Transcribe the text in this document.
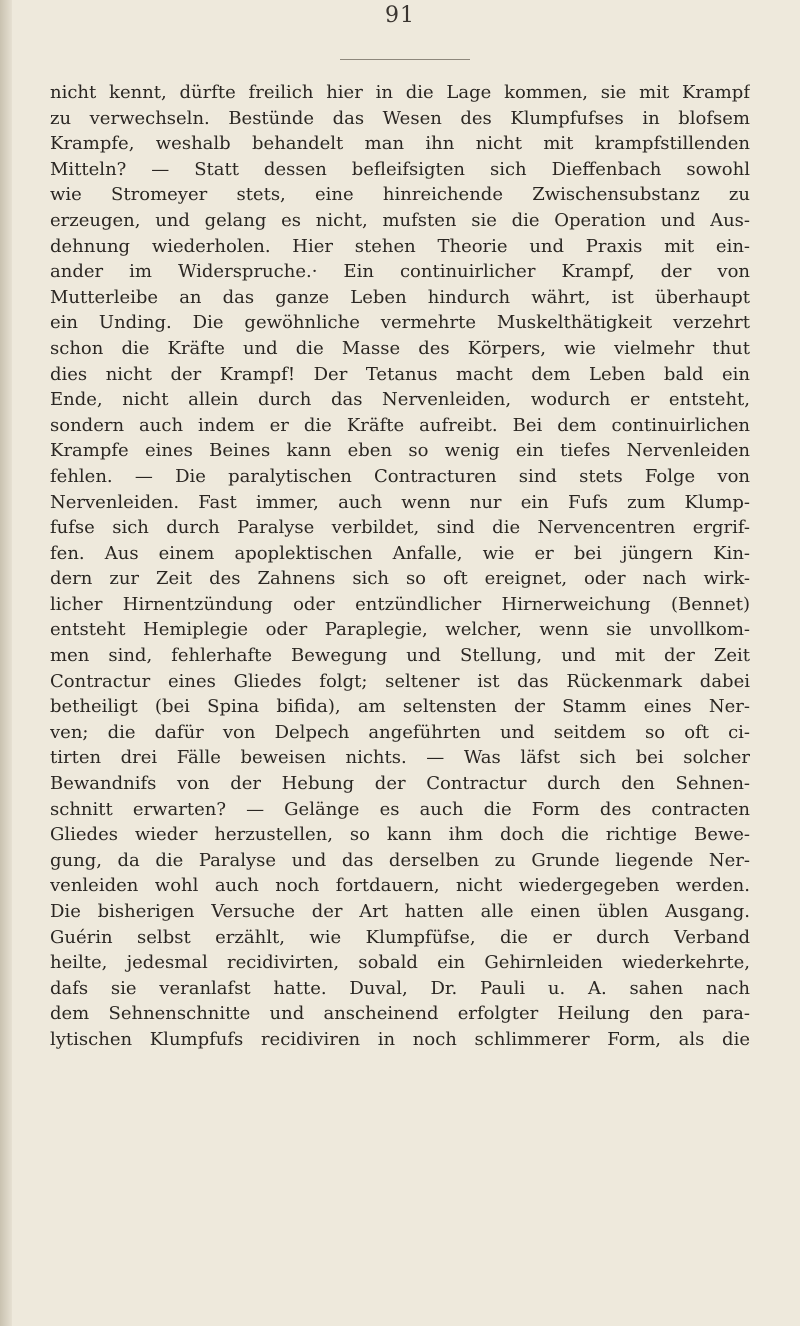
91
nicht kennt, dürfte freilich hier in die Lage kommen, sie mit Krampf
zu verwechseln. Bestünde das Wesen des Klumpfufses in blofsem
Krampfe, weshalb behandelt man ihn nicht mit krampfstillenden
Mitteln? — Statt dessen befleifsigten sich Dieffenbach sowohl
wie Stromeyer stets, eine hinreichende Zwischensubstanz zu
erzeugen, und gelang es nicht, mufsten sie die Operation und Aus-
dehnung wiederholen. Hier stehen Theorie und Praxis mit ein-
ander im Widerspruche.· Ein continuirlicher Krampf, der von
Mutterleibe an das ganze Leben hindurch währt, ist überhaupt
ein Unding. Die gewöhnliche vermehrte Muskelthätigkeit verzehrt
schon die Kräfte und die Masse des Körpers, wie vielmehr thut
dies nicht der Krampf! Der Tetanus macht dem Leben bald ein
Ende, nicht allein durch das Nervenleiden, wodurch er entsteht,
sondern auch indem er die Kräfte aufreibt. Bei dem continuirlichen
Krampfe eines Beines kann eben so wenig ein tiefes Nervenleiden
fehlen. — Die paralytischen Contracturen sind stets Folge von
Nervenleiden. Fast immer, auch wenn nur ein Fufs zum Klump-
fufse sich durch Paralyse verbildet, sind die Nervencentren ergrif-
fen. Aus einem apoplektischen Anfalle, wie er bei jüngern Kin-
dern zur Zeit des Zahnens sich so oft ereignet, oder nach wirk-
licher Hirnentzündung oder entzündlicher Hirnerweichung (Bennet)
entsteht Hemiplegie oder Paraplegie, welcher, wenn sie unvollkom-
men sind, fehlerhafte Bewegung und Stellung, und mit der Zeit
Contractur eines Gliedes folgt; seltener ist das Rückenmark dabei
betheiligt (bei Spina bifida), am seltensten der Stamm eines Ner-
ven; die dafür von Delpech angeführten und seitdem so oft ci-
tirten drei Fälle beweisen nichts. — Was läfst sich bei solcher
Bewandnifs von der Hebung der Contractur durch den Sehnen-
schnitt erwarten? — Gelänge es auch die Form des contracten
Gliedes wieder herzustellen, so kann ihm doch die richtige Bewe-
gung, da die Paralyse und das derselben zu Grunde liegende Ner-
venleiden wohl auch noch fortdauern, nicht wiedergegeben werden.
Die bisherigen Versuche der Art hatten alle einen üblen Ausgang.
Guérin selbst erzählt, wie Klumpfüfse, die er durch Verband
heilte, jedesmal recidivirten, sobald ein Gehirnleiden wiederkehrte,
dafs sie veranlafst hatte. Duval, Dr. Pauli u. A. sahen nach
dem Sehnenschnitte und anscheinend erfolgter Heilung den para-
lytischen Klumpfufs recidiviren in noch schlimmerer Form, als die
